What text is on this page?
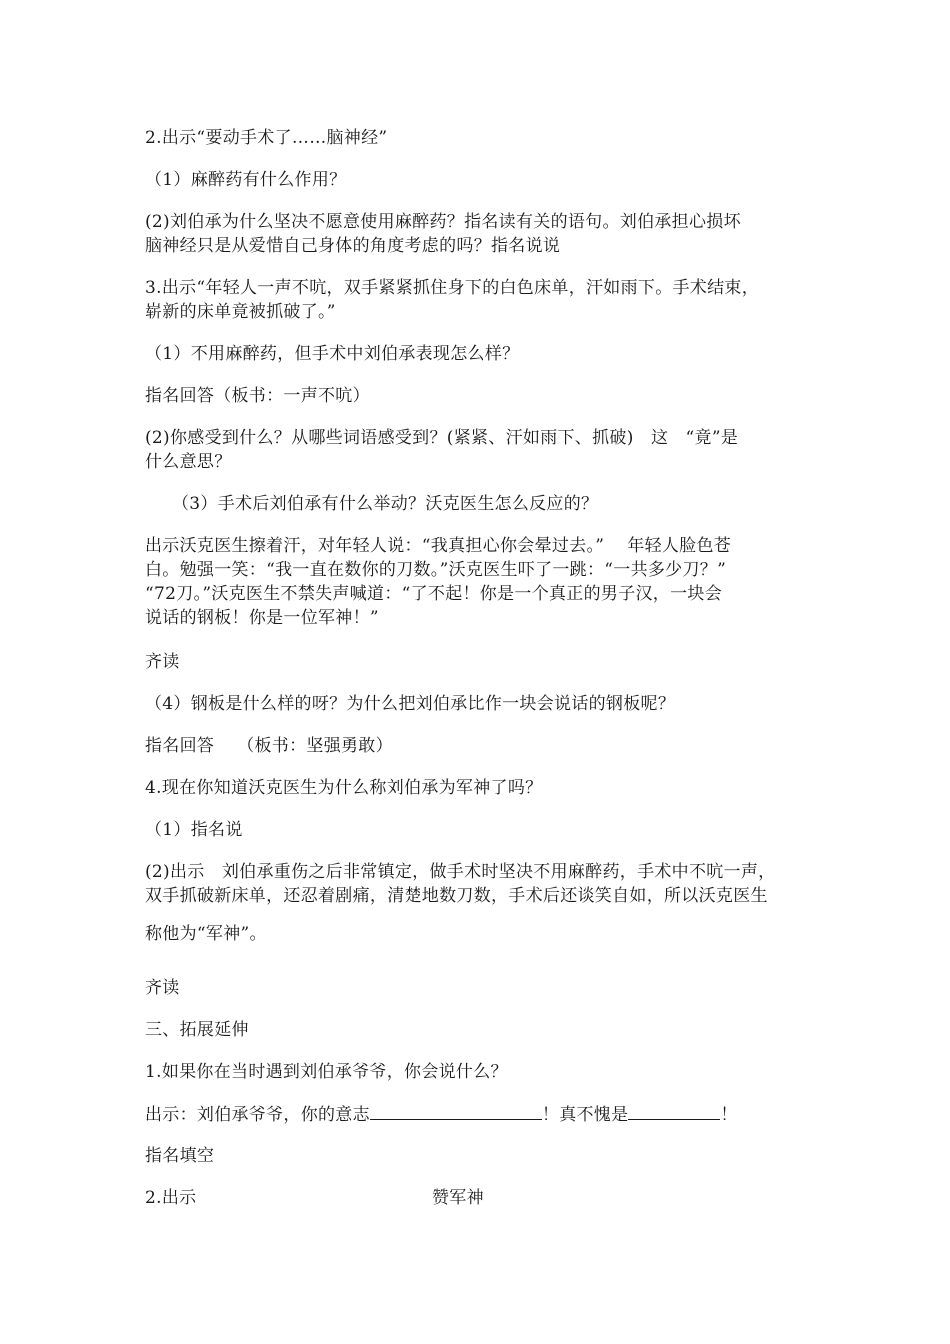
2.出示“要动手术了……脑神经”
（1）麻醉药有什么作用？
(2)刘伯承为什么坚决不愿意使用麻醉药？指名读有关的语句。刘伯承担心损坏
脑神经只是从爱惜自己身体的角度考虑的吗？指名说说
3.出示“年轻人一声不吭，双手紧紧抓住身下的白色床单，汗如雨下。手术结束，
崭新的床单竟被抓破了。”
（1）不用麻醉药，但手术中刘伯承表现怎么样？
指名回答（板书：一声不吭）
(2)你感受到什么？从哪些词语感受到？(紧紧、汗如雨下、抓破)　这　“竟”是
什么意思？
（3）手术后刘伯承有什么举动？沃克医生怎么反应的？
出示沃克医生擦着汗，对年轻人说：“我真担心你会晕过去。”　 年轻人脸色苍
白。勉强一笑：“我一直在数你的刀数。”沃克医生吓了一跳：“一共多少刀？”
“72刀。”沃克医生不禁失声喊道：“了不起！你是一个真正的男子汉，一块会
说话的钢板！你是一位军神！”
齐读
（4）钢板是什么样的呀？为什么把刘伯承比作一块会说话的钢板呢？
指名回答　 （板书：坚强勇敢）
4.现在你知道沃克医生为什么称刘伯承为军神了吗？
（1）指名说
(2)出示　刘伯承重伤之后非常镇定，做手术时坚决不用麻醉药，手术中不吭一声，
双手抓破新床单，还忍着剧痛，清楚地数刀数，手术后还谈笑自如，所以沃克医生
称他为“军神”。
齐读
三、拓展延伸
1.如果你在当时遇到刘伯承爷爷，你会说什么？
出示：刘伯承爷爷，你的意志	！真不愧是	！
指名填空
2.出示	赞军神
